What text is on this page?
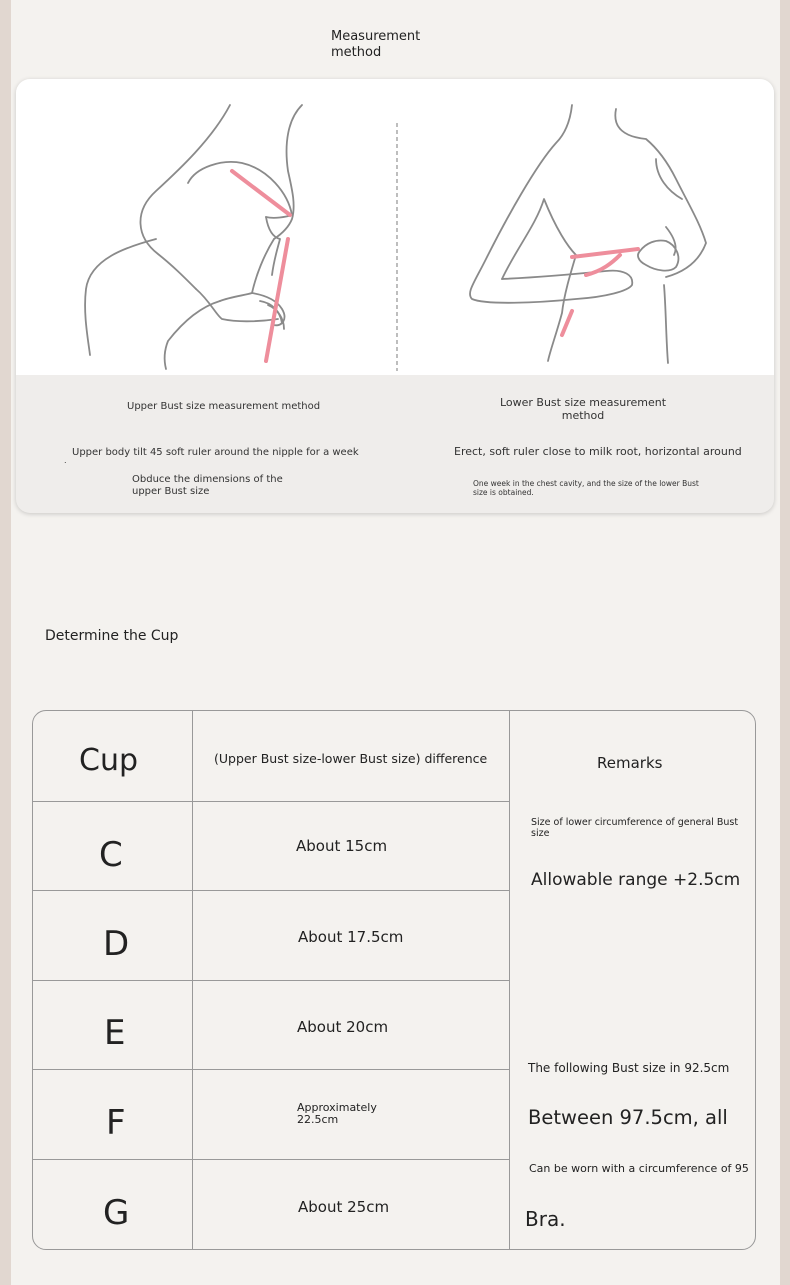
Measurement method
Upper Bust size measurement method
Upper body tilt 45 soft ruler around the nipple for a week
.
Obduce the dimensions of the upper Bust size
Lower Bust size measurement method
Erect, soft ruler close to milk root, horizontal around
One week in the chest cavity, and the size of the lower Bust size is obtained.
Determine the Cup
Cup	(Upper Bust size-lower Bust size) difference	Remarks
C	About 15cm
D	About 17.5cm
E	About 20cm
F	Approximately 22.5cm
G	About 25cm
Size of lower circumference of general Bust size
Allowable range +2.5cm
The following Bust size in 92.5cm
Between 97.5cm, all
Can be worn with a circumference of 95
Bra.
